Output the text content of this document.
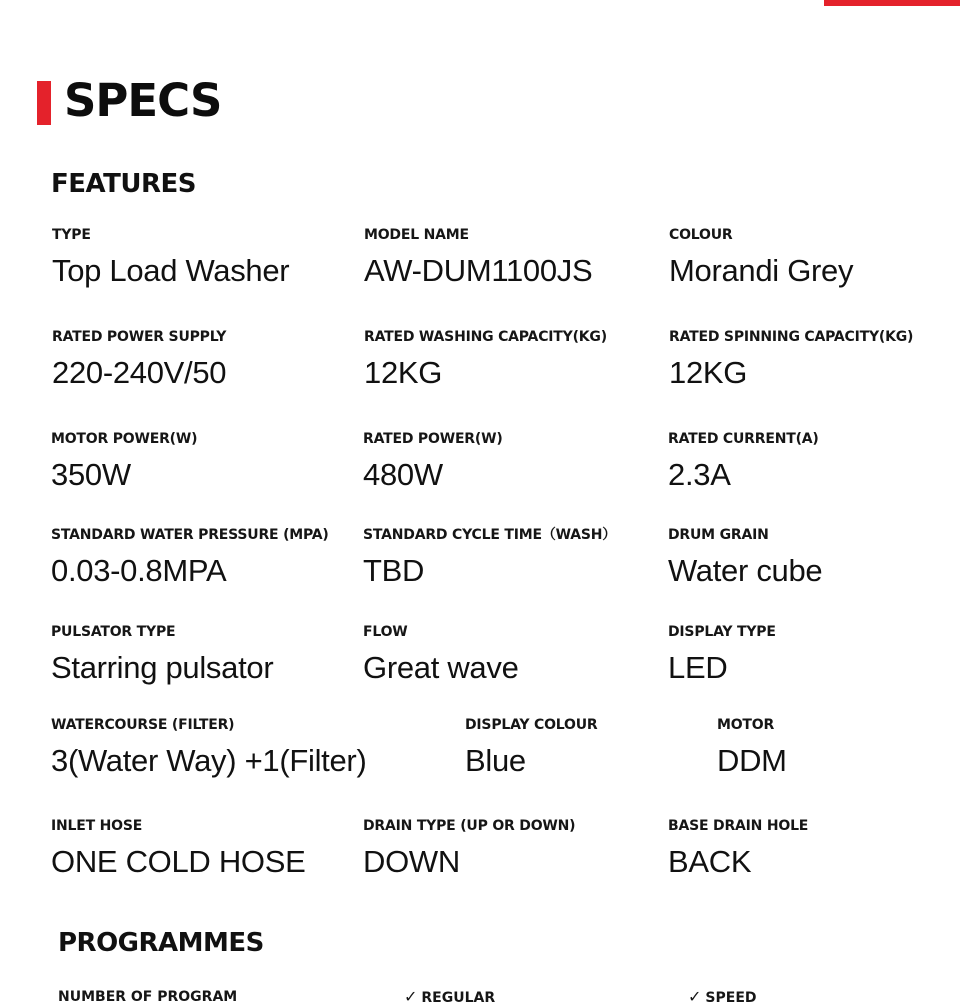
SPECS
FEATURES
TYPE
Top Load Washer
MODEL NAME
AW-DUM1100JS
COLOUR
Morandi Grey
RATED POWER SUPPLY
220-240V/50
RATED WASHING CAPACITY(KG)
12KG
RATED SPINNING CAPACITY(KG)
12KG
MOTOR POWER(W)
350W
RATED POWER(W)
480W
RATED CURRENT(A)
2.3A
STANDARD WATER PRESSURE (MPA)
0.03-0.8MPA
STANDARD CYCLE TIME（WASH）
TBD
DRUM GRAIN
Water cube
PULSATOR TYPE
Starring pulsator
FLOW
Great wave
DISPLAY TYPE
LED
WATERCOURSE (FILTER)
3(Water Way) +1(Filter)
DISPLAY COLOUR
Blue
MOTOR
DDM
INLET HOSE
ONE COLD HOSE
DRAIN TYPE (UP OR DOWN)
DOWN
BASE DRAIN HOLE
BACK
PROGRAMMES
NUMBER OF PROGRAM	✓ REGULAR	✓ SPEED
